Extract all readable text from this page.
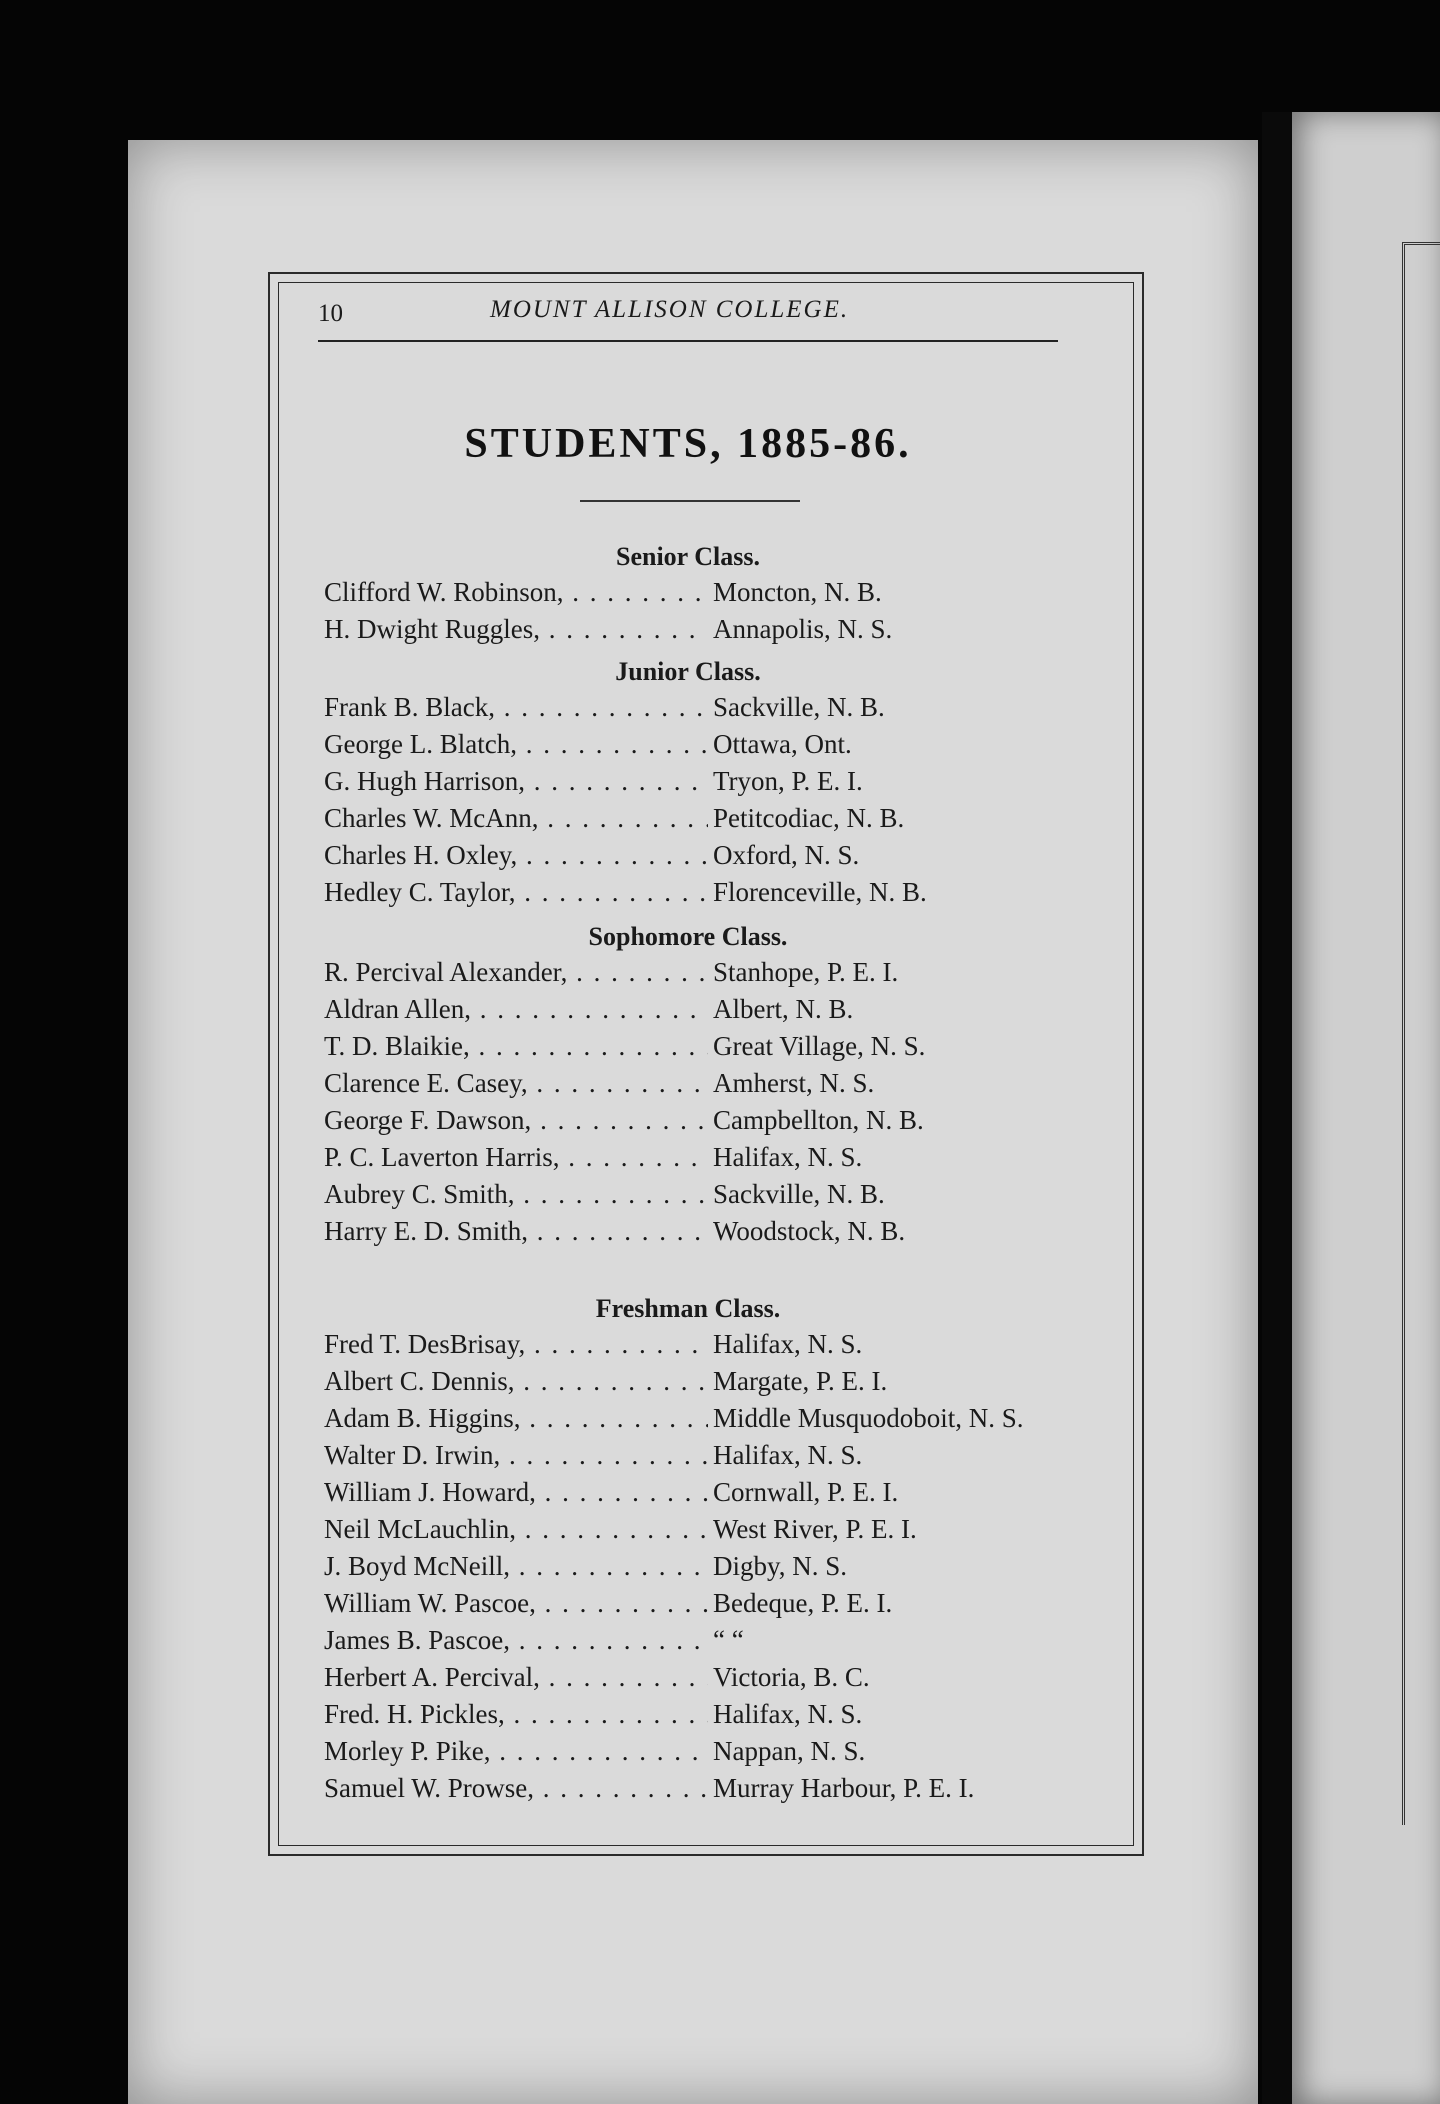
10	MOUNT ALLISON COLLEGE.
STUDENTS, 1885-86.
Senior Class.
Clifford W. Robinson, . . .	Moncton, N. B.
H. Dwight Ruggles, . . .	Annapolis, N. S.
Junior Class.
Frank B. Black, . . .	Sackville, N. B.
George L. Blatch, . . .	Ottawa, Ont.
G. Hugh Harrison, . . .	Tryon, P. E. I.
Charles W. McAnn, . . .	Petitcodiac, N. B.
Charles H. Oxley, . . .	Oxford, N. S.
Hedley C. Taylor, . . .	Florenceville, N. B.
Sophomore Class.
R. Percival Alexander, . . .	Stanhope, P. E. I.
Aldran Allen, . . .	Albert, N. B.
T. D. Blaikie, . . .	Great Village, N. S.
Clarence E. Casey, . . .	Amherst, N. S.
George F. Dawson, . . .	Campbellton, N. B.
P. C. Laverton Harris, . . .	Halifax, N. S.
Aubrey C. Smith, . . .	Sackville, N. B.
Harry E. D. Smith, . . .	Woodstock, N. B.
Freshman Class.
Fred T. DesBrisay, . . .	Halifax, N. S.
Albert C. Dennis, . . .	Margate, P. E. I.
Adam B. Higgins, . . .	Middle Musquodoboit, N. S.
Walter D. Irwin, . . .	Halifax, N. S.
William J. Howard, . . .	Cornwall, P. E. I.
Neil McLauchlin, . . .	West River, P. E. I.
J. Boyd McNeill, . . .	Digby, N. S.
William W. Pascoe, . . .	Bedeque, P. E. I.
James B. Pascoe, . . .	“ “
Herbert A. Percival, . . .	Victoria, B. C.
Fred. H. Pickles, . . .	Halifax, N. S.
Morley P. Pike, . . .	Nappan, N. S.
Samuel W. Prowse, . . .	Murray Harbour, P. E. I.
